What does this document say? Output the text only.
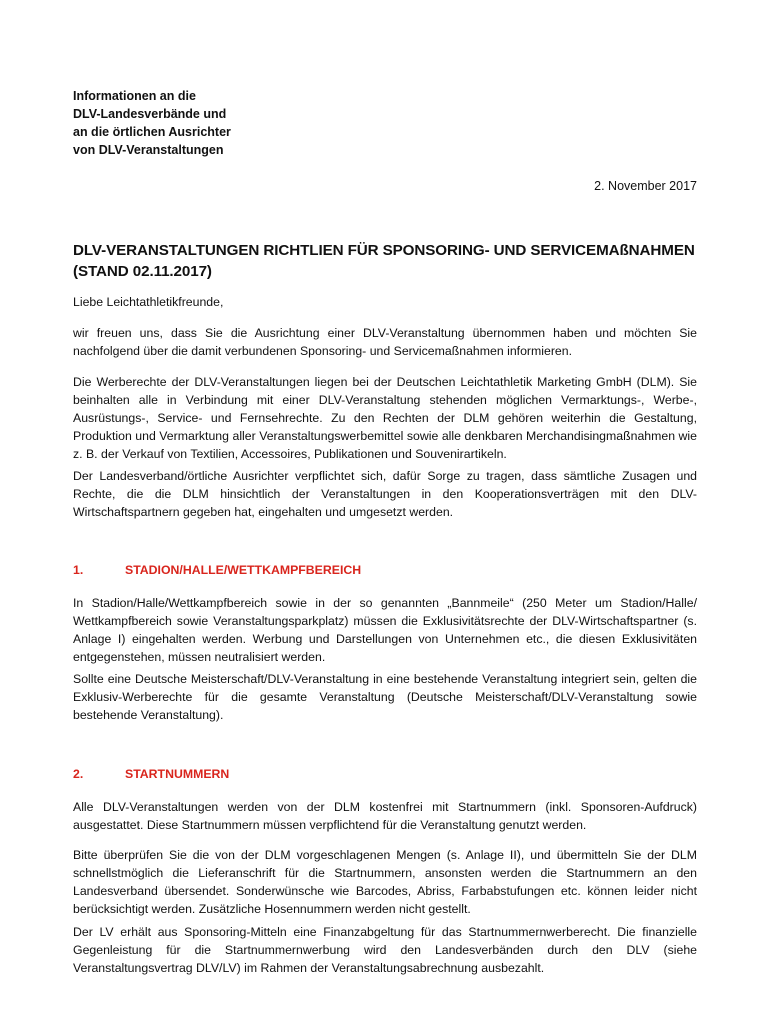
Informationen an die
DLV-Landesverbände und
an die örtlichen Ausrichter
von DLV-Veranstaltungen
2. November 2017
DLV-VERANSTALTUNGEN RICHTLIEN FÜR SPONSORING- UND SERVICEMAßNAHMEN
(STAND 02.11.2017)
Liebe Leichtathletikfreunde,
wir freuen uns, dass Sie die Ausrichtung einer DLV-Veranstaltung übernommen haben und möchten Sie nachfolgend über die damit verbundenen Sponsoring- und Servicemaßnahmen informieren.
Die Werberechte der DLV-Veranstaltungen liegen bei der Deutschen Leichtathletik Marketing GmbH (DLM). Sie beinhalten alle in Verbindung mit einer DLV-Veranstaltung stehenden möglichen Vermarktungs-, Werbe-, Ausrüstungs-, Service- und Fernsehrechte. Zu den Rechten der DLM gehören weiterhin die Gestaltung, Produktion und Vermarktung aller Veranstaltungswerbemittel sowie alle denkbaren Merchandisingmaßnahmen wie z. B. der Verkauf von Textilien, Accessoires, Publikationen und Souvenirartikeln.
Der Landesverband/örtliche Ausrichter verpflichtet sich, dafür Sorge zu tragen, dass sämtliche Zusagen und Rechte, die die DLM hinsichtlich der Veranstaltungen in den Kooperationsverträgen mit den DLV-Wirtschaftspartnern gegeben hat, eingehalten und umgesetzt werden.
1.	STADION/HALLE/WETTKAMPFBEREICH
In Stadion/Halle/Wettkampfbereich sowie in der so genannten „Bannmeile“ (250 Meter um Stadion/Halle/ Wettkampfbereich sowie Veranstaltungsparkplatz) müssen die Exklusivitätsrechte der DLV-Wirtschaftspartner (s. Anlage I) eingehalten werden. Werbung und Darstellungen von Unternehmen etc., die diesen Exklusivitäten entgegenstehen, müssen neutralisiert werden.
Sollte eine Deutsche Meisterschaft/DLV-Veranstaltung in eine bestehende Veranstaltung integriert sein, gelten die Exklusiv-Werberechte für die gesamte Veranstaltung (Deutsche Meisterschaft/DLV-Veranstaltung sowie bestehende Veranstaltung).
2.	STARTNUMMERN
Alle DLV-Veranstaltungen werden von der DLM kostenfrei mit Startnummern (inkl. Sponsoren-Aufdruck) ausgestattet. Diese Startnummern müssen verpflichtend für die Veranstaltung genutzt werden.
Bitte überprüfen Sie die von der DLM vorgeschlagenen Mengen (s. Anlage II), und übermitteln Sie der DLM schnellstmöglich die Lieferanschrift für die Startnummern, ansonsten werden die Startnummern an den Landesverband übersendet. Sonderwünsche wie Barcodes, Abriss, Farbabstufungen etc. können leider nicht berücksichtigt werden. Zusätzliche Hosennummern werden nicht gestellt.
Der LV erhält aus Sponsoring-Mitteln eine Finanzabgeltung für das Startnummernwerberecht. Die finanzielle Gegenleistung für die Startnummernwerbung wird den Landesverbänden durch den DLV (siehe Veranstaltungsvertrag DLV/LV) im Rahmen der Veranstaltungsabrechnung ausbezahlt.
